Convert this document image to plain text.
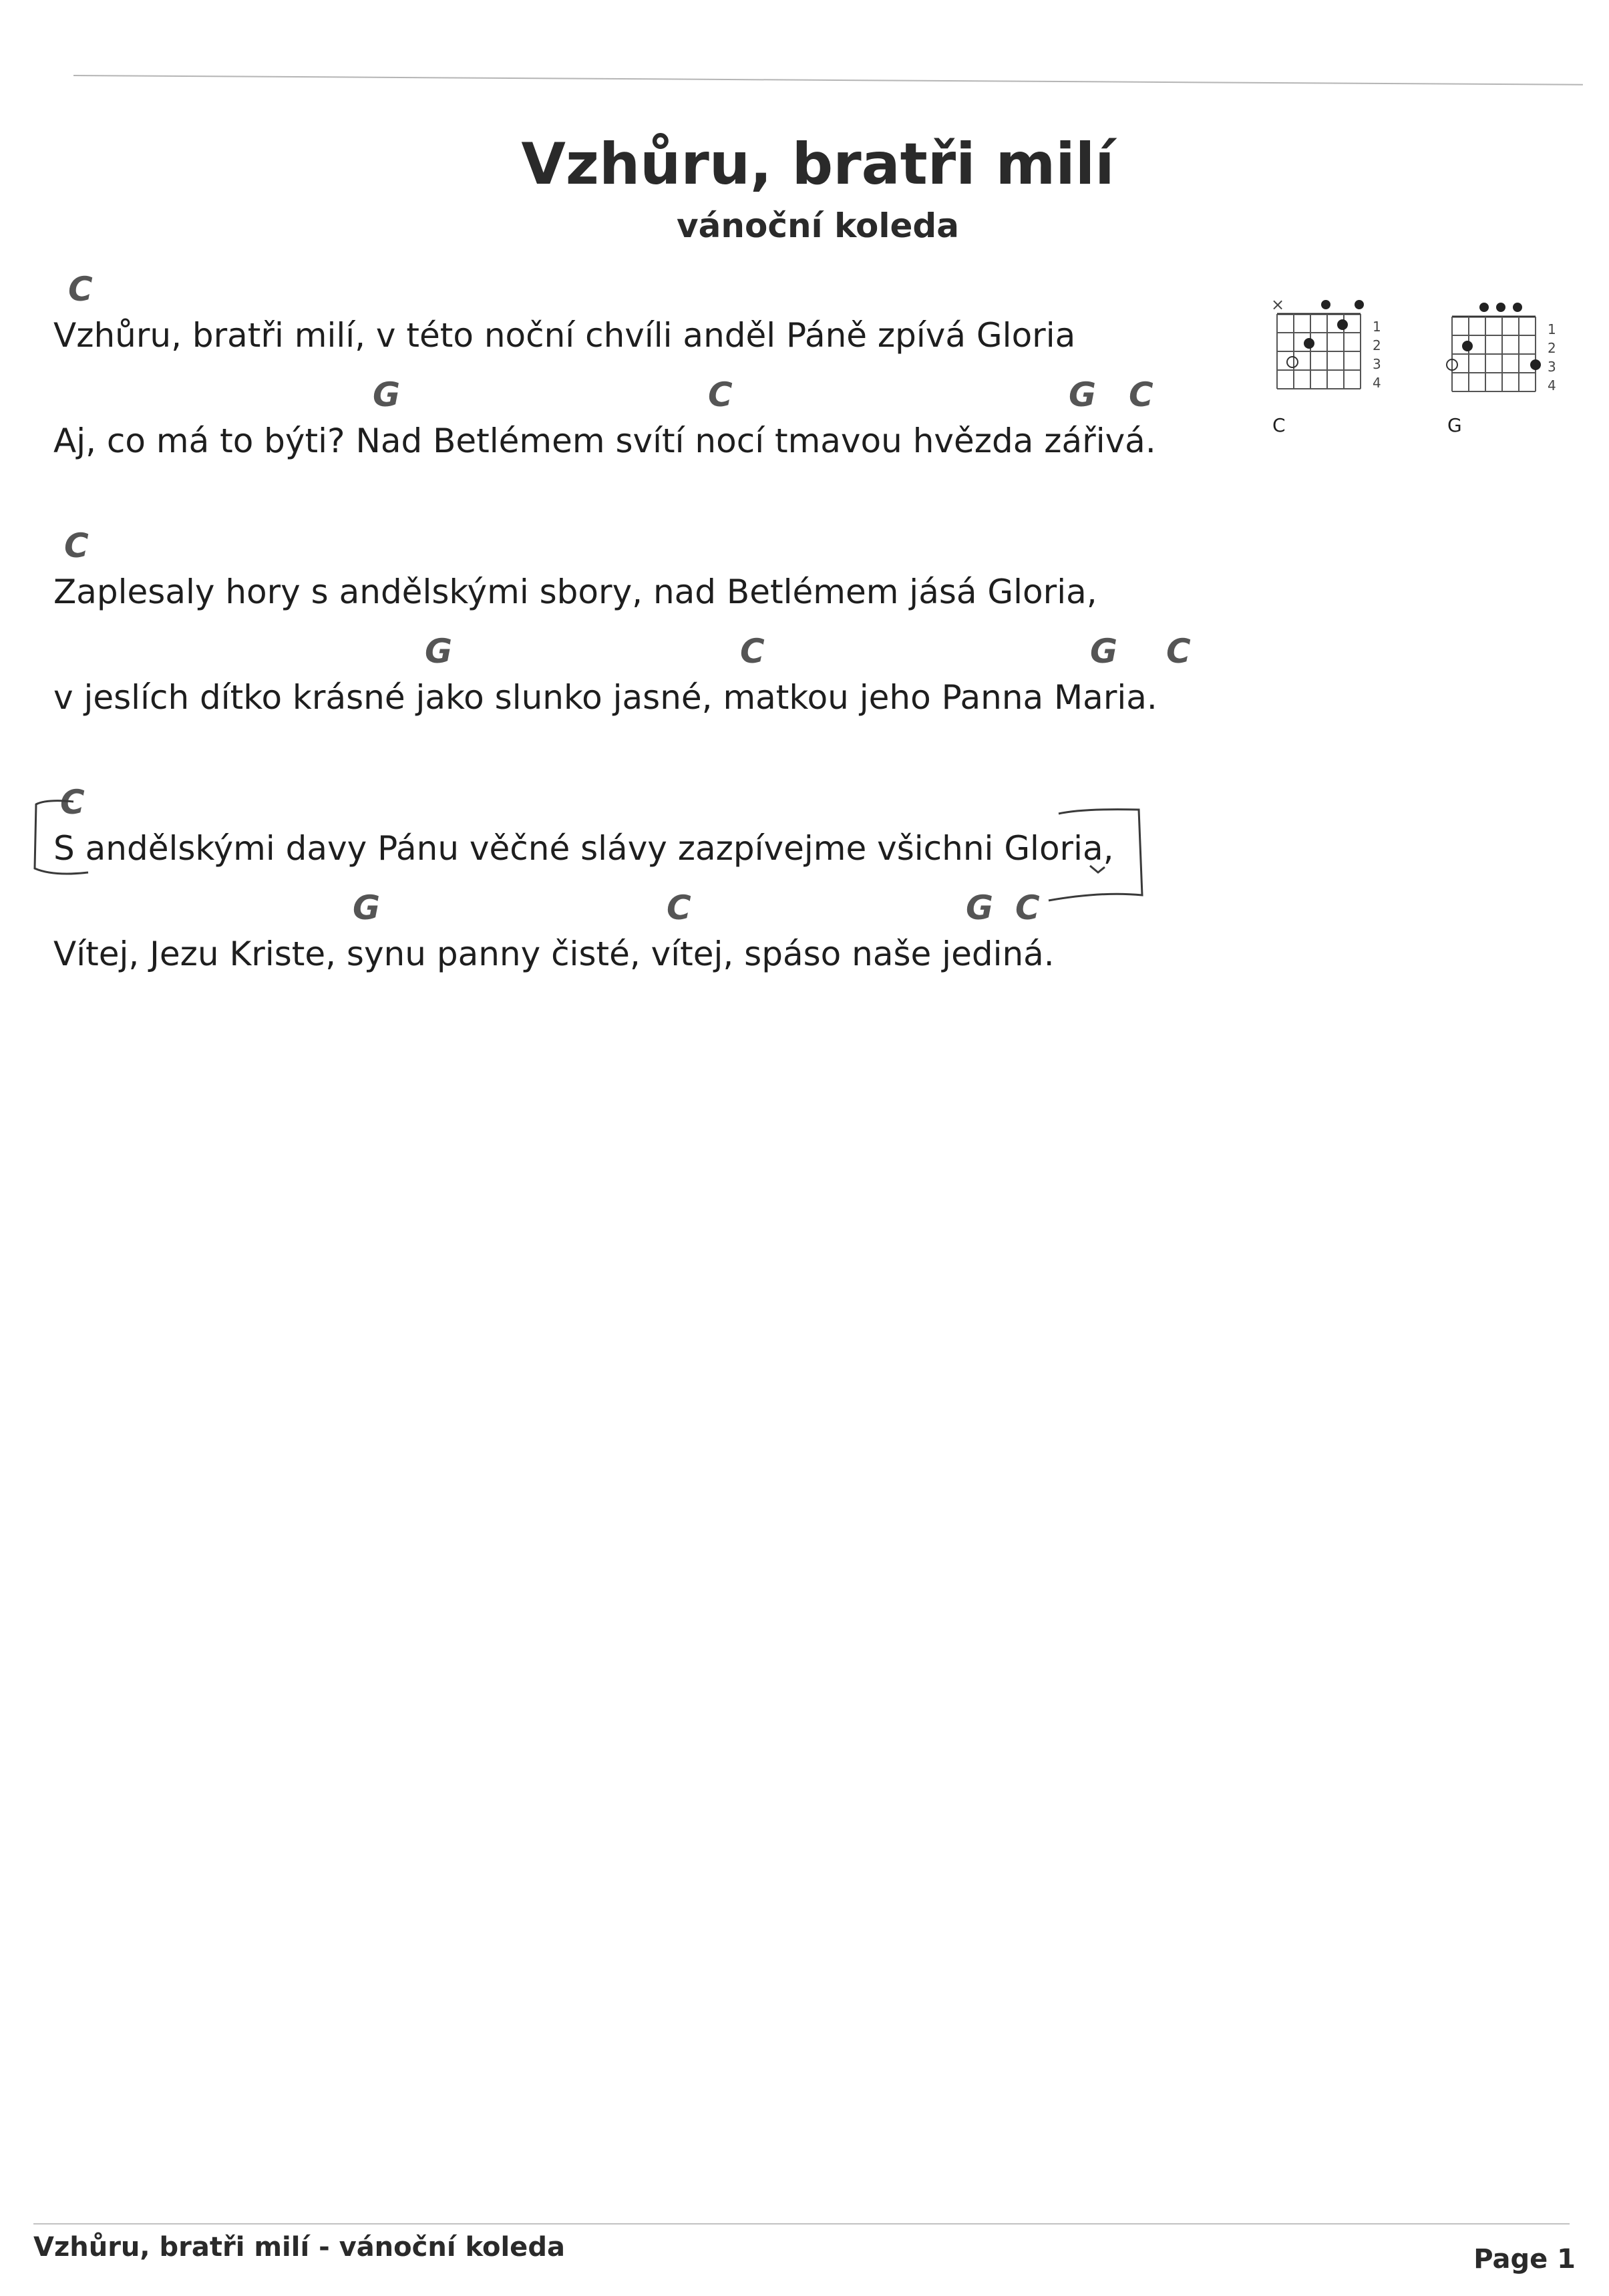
Vzhůru, bratři milí
vánoční koleda
C
Vzhůru, bratři milí, v této noční chvíli anděl Páně zpívá Gloria
G	C	G C
Aj, co má to býti? Nad Betlémem svítí nocí tmavou hvězda zářivá.
C
Zaplesaly hory s andělskými sbory, nad Betlémem jásá Gloria,
G	C	G C
v jeslích dítko krásné jako slunko jasné, matkou jeho Panna Maria.
C
S andělskými davy Pánu věčné slávy zazpívejme všichni Gloria,
G	C	G C
Vítej, Jezu Kriste, synu panny čisté, vítej, spáso naše jediná.
×
1
2
3
4
C
1
2
3
4
G

Vzhůru, bratři milí - vánoční koleda	Page 1
